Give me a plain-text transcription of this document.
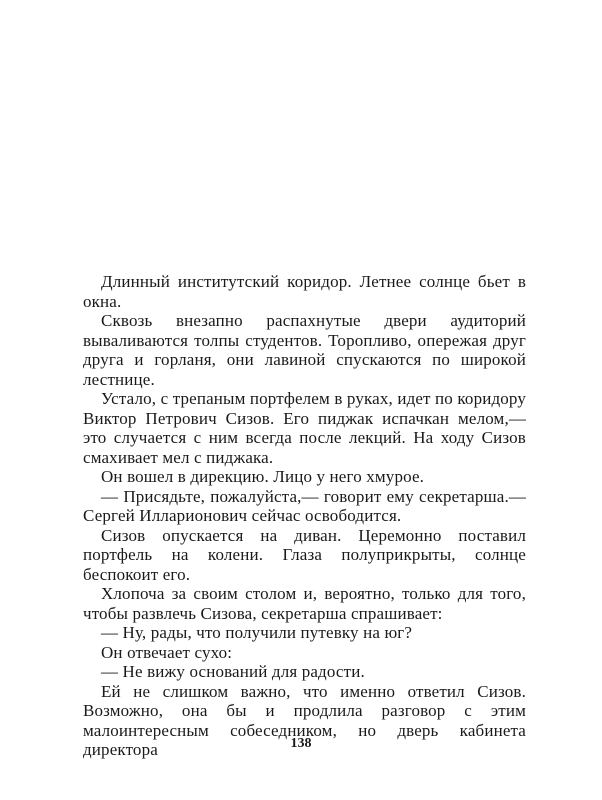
Длинный институтский коридор. Летнее солнце бьет в окна.

Сквозь внезапно распахнутые двери аудиторий вываливаются толпы студентов. Торопливо, опережая друг друга и горланя, они лавиной спускаются по широкой лестнице.

Устало, с трепаным портфелем в руках, идет по коридору Виктор Петрович Сизов. Его пиджак испачкан мелом,— это случается с ним всегда после лекций. На ходу Сизов смахивает мел с пиджака.

Он вошел в дирекцию. Лицо у него хмурое.

— Присядьте, пожалуйста,— говорит ему секретарша.— Сергей Илларионович сейчас освободится.

Сизов опускается на диван. Церемонно поставил портфель на колени. Глаза полуприкрыты, солнце беспокоит его.

Хлопоча за своим столом и, вероятно, только для того, чтобы развлечь Сизова, секретарша спрашивает:

— Ну, рады, что получили путевку на юг?

Он отвечает сухо:

— Не вижу оснований для радости.

Ей не слишком важно, что именно ответил Сизов. Возможно, она бы и продлила разговор с этим малоинтересным собеседником, но дверь кабинета директора	138
